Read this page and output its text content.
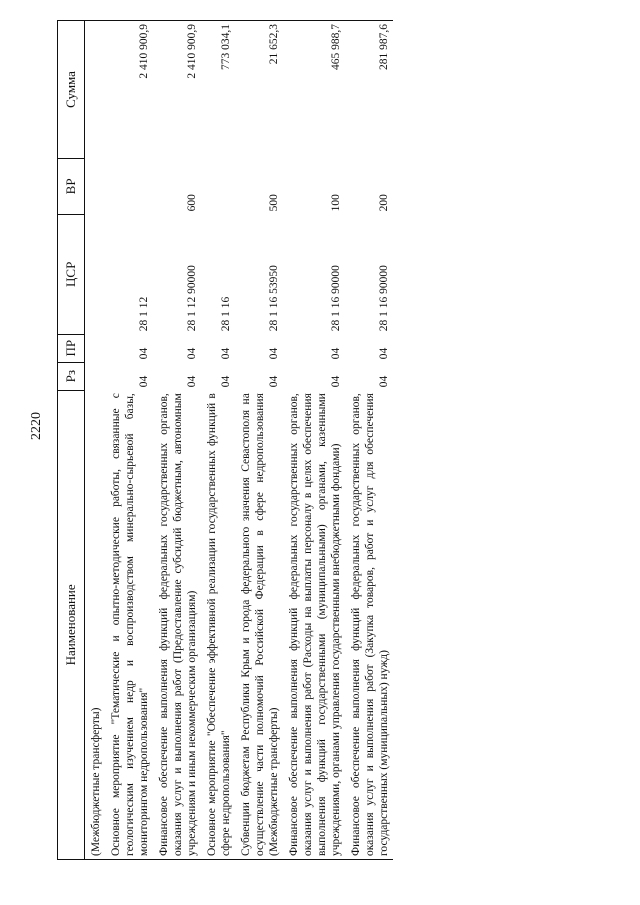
2220
Наименование	Рз	ПР	ЦСР	ВР	Сумма
(Межбюджетные трансферты)					
Основное мероприятие "Тематические и опытно-методические работы, связанные с геологическим изучением недр и воспроизводством минерально-сырьевой базы, мониторингом недропользования"	04	04	28 1 12		2 410 900,9
Финансовое обеспечение выполнения функций федеральных государственных органов, оказания услуг и выполнения работ (Предоставление субсидий бюджетным, автономным учреждениям и иным некоммерческим организациям)	04	04	28 1 12 90000	600	2 410 900,9
Основное мероприятие "Обеспечение эффективной реализации государственных функций в сфере недропользования"	04	04	28 1 16		773 034,1
Субвенции бюджетам Республики Крым и города федерального значения Севастополя на осуществление части полномочий Российской Федерации в сфере недропользования (Межбюджетные трансферты)	04	04	28 1 16 53950	500	21 652,3
Финансовое обеспечение выполнения функций федеральных государственных органов, оказания услуг и выполнения работ (Расходы на выплаты персоналу в целях обеспечения выполнения функций государственными (муниципальными) органами, казенными учреждениями, органами управления государственными внебюджетными фондами)	04	04	28 1 16 90000	100	465 988,7
Финансовое обеспечение выполнения функций федеральных государственных органов, оказания услуг и выполнения работ (Закупка товаров, работ и услуг для обеспечения государственных (муниципальных) нужд)	04	04	28 1 16 90000	200	281 987,6
